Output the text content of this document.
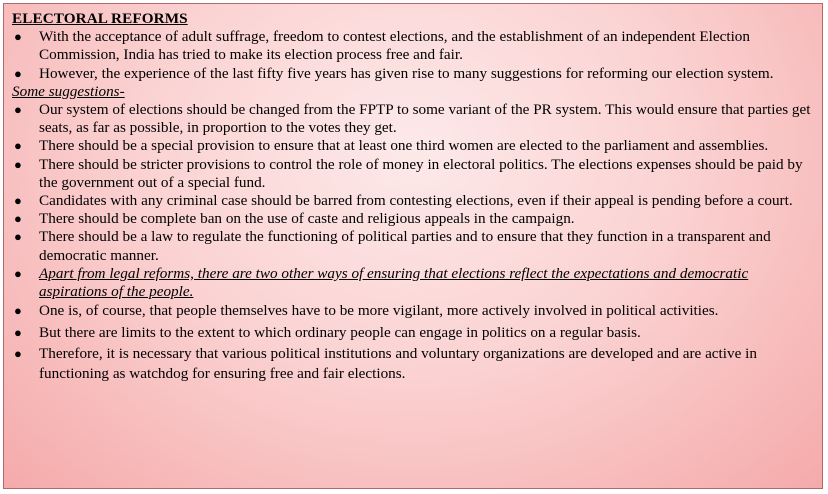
ELECTORAL REFORMS

● With the acceptance of adult suffrage, freedom to contest elections, and the establishment of an independent Election Commission, India has tried to make its election process free and fair.
● However, the experience of the last fifty five years has given rise to many suggestions for reforming our election system.

Some suggestions-

● Our system of elections should be changed from the FPTP to some variant of the PR system. This would ensure that parties get seats, as far as possible, in proportion to the votes they get.
● There should be a special provision to ensure that at least one third women are elected to the parliament and assemblies.
● There should be stricter provisions to control the role of money in electoral politics. The elections expenses should be paid by the government out of a special fund.
● Candidates with any criminal case should be barred from contesting elections, even if their appeal is pending before a court.
● There should be complete ban on the use of caste and religious appeals in the campaign.
● There should be a law to regulate the functioning of political parties and to ensure that they function in a transparent and democratic manner.
● Apart from legal reforms, there are two other ways of ensuring that elections reflect the expectations and democratic aspirations of the people.
● One is, of course, that people themselves have to be more vigilant, more actively involved in political activities.
● But there are limits to the extent to which ordinary people can engage in politics on a regular basis.
● Therefore, it is necessary that various political institutions and voluntary organizations are developed and are active in functioning as watchdog for ensuring free and fair elections.
